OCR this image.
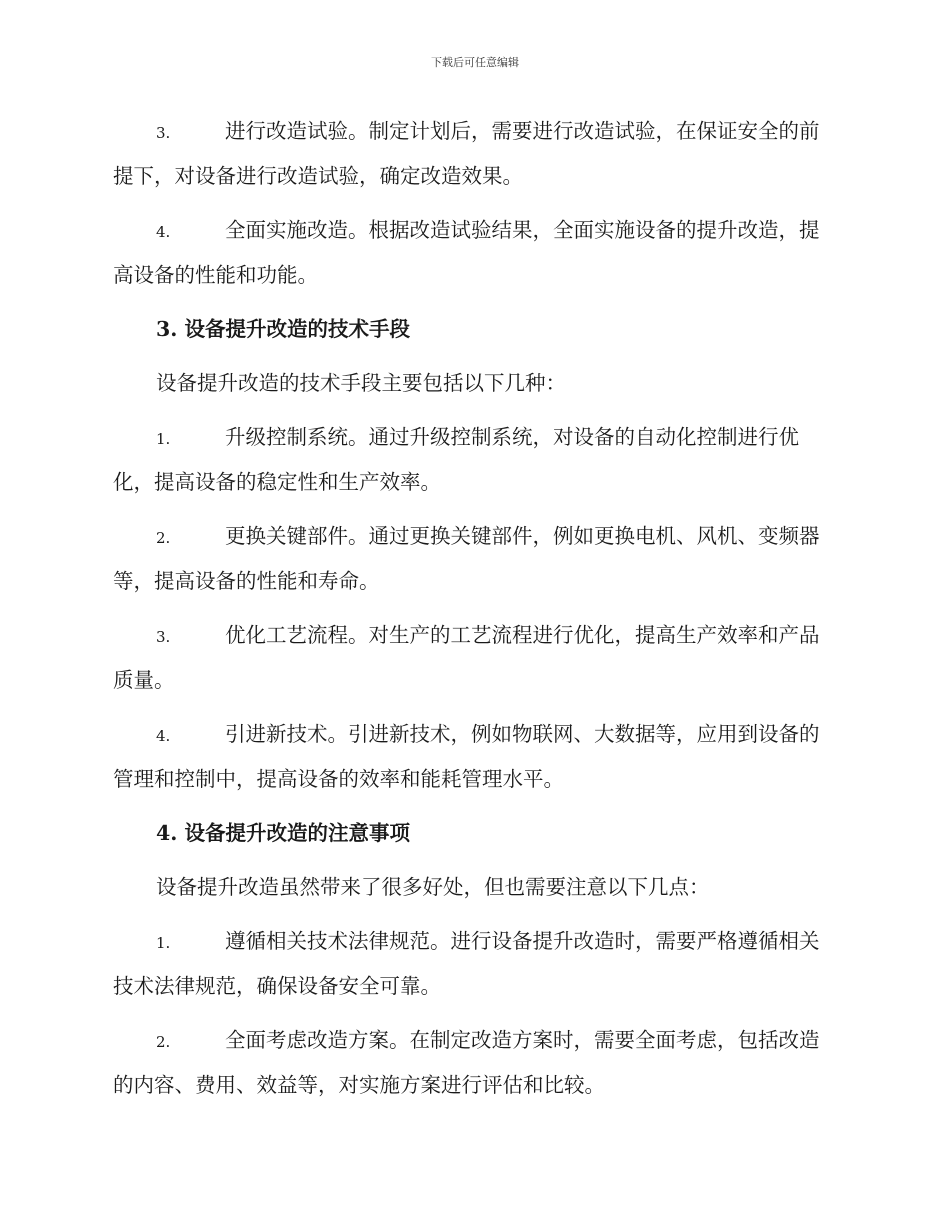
下载后可任意编辑

3.	进行改造试验。制定计划后，需要进行改造试验，在保证安全的前提下，对设备进行改造试验，确定改造效果。

4.	全面实施改造。根据改造试验结果，全面实施设备的提升改造，提高设备的性能和功能。

3. 设备提升改造的技术手段

设备提升改造的技术手段主要包括以下几种：

1.	升级控制系统。通过升级控制系统，对设备的自动化控制进行优化，提高设备的稳定性和生产效率。

2.	更换关键部件。通过更换关键部件，例如更换电机、风机、变频器等，提高设备的性能和寿命。

3.	优化工艺流程。对生产的工艺流程进行优化，提高生产效率和产品质量。

4.	引进新技术。引进新技术，例如物联网、大数据等，应用到设备的管理和控制中，提高设备的效率和能耗管理水平。

4. 设备提升改造的注意事项

设备提升改造虽然带来了很多好处，但也需要注意以下几点：

1.	遵循相关技术法律规范。进行设备提升改造时，需要严格遵循相关技术法律规范，确保设备安全可靠。

2.	全面考虑改造方案。在制定改造方案时，需要全面考虑，包括改造的内容、费用、效益等，对实施方案进行评估和比较。
